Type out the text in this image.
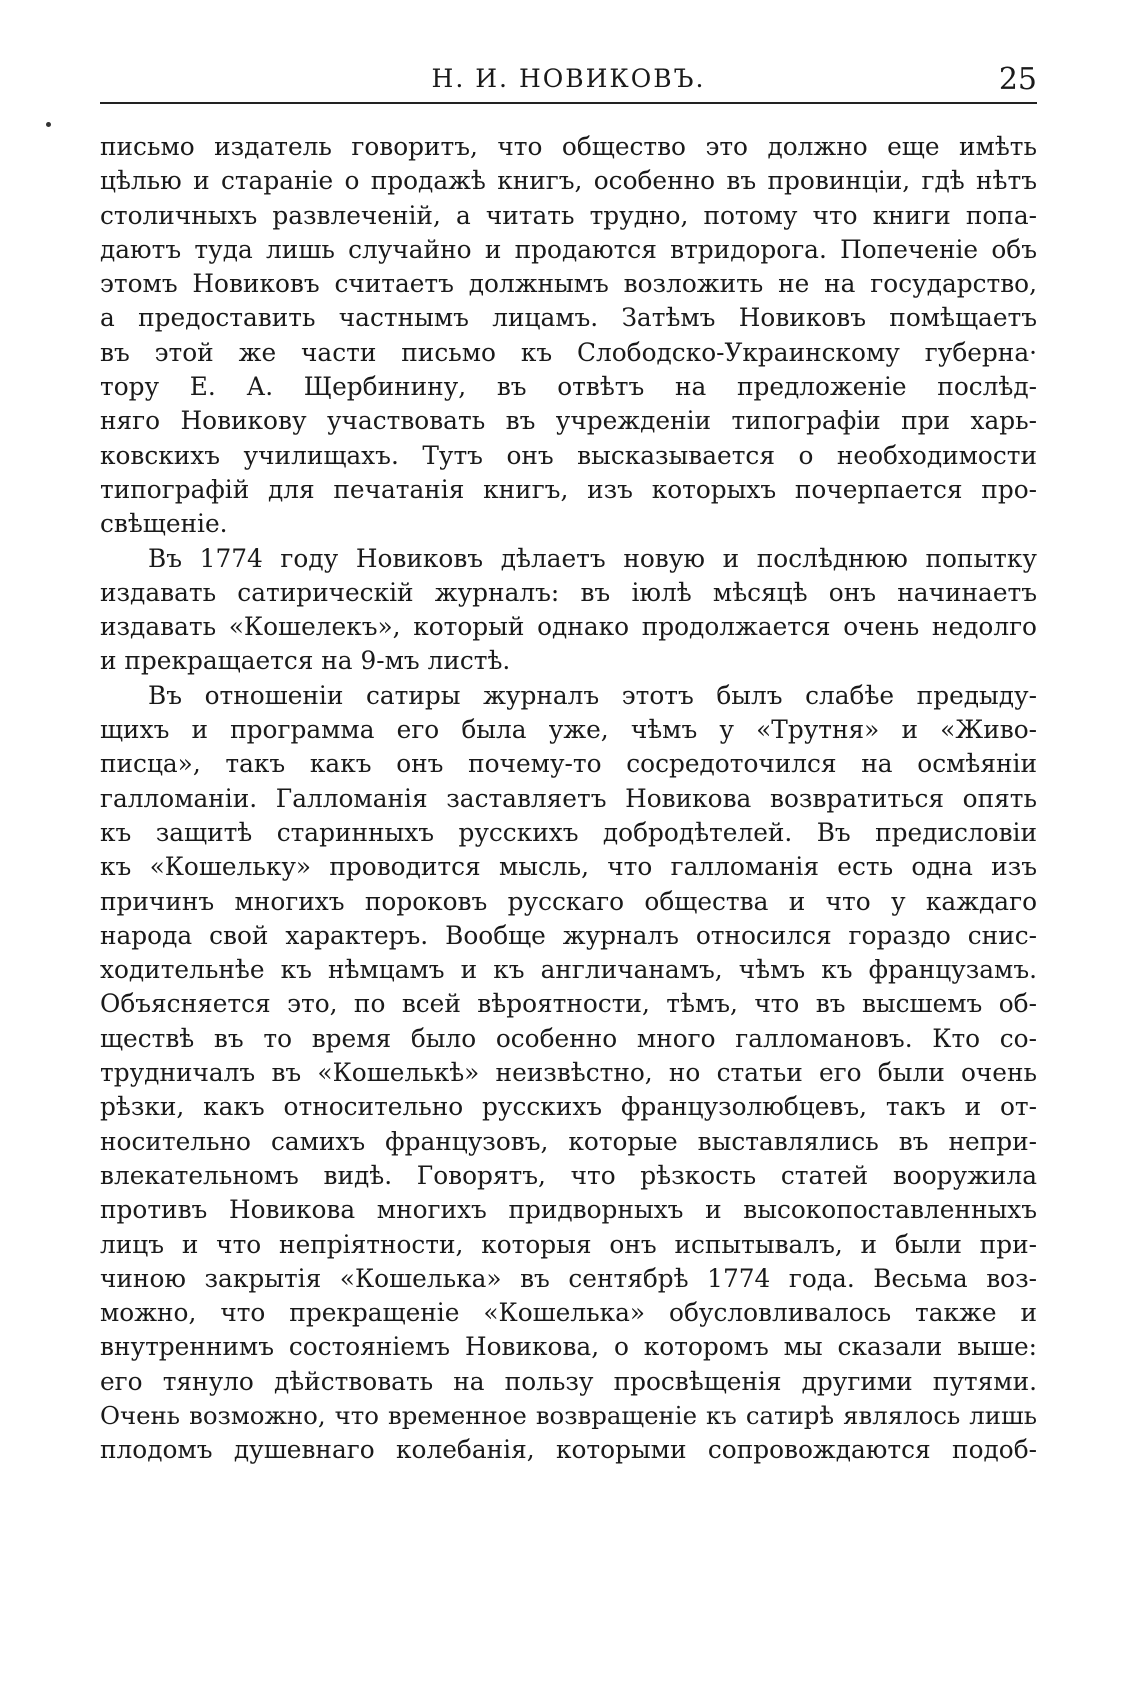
Н. И. НОВИКОВЪ.	25
письмо издатель говоритъ, что общество это должно еще имѣть
цѣлью и стараніе о продажѣ книгъ, особенно въ провинціи, гдѣ нѣтъ
столичныхъ развлеченій, а читать трудно, потому что книги попа-
даютъ туда лишь случайно и продаются втридорога. Попеченіе объ
этомъ Новиковъ считаетъ должнымъ возложить не на государство,
а предоставить частнымъ лицамъ. Затѣмъ Новиковъ помѣщаетъ
въ этой же части письмо къ Слободско-Украинскому губерна·
тору Е. А. Щербинину, въ отвѣтъ на предложеніе послѣд-
няго Новикову участвовать въ учрежденіи типографіи при харь-
ковскихъ училищахъ. Тутъ онъ высказывается о необходимости
типографій для печатанія книгъ, изъ которыхъ почерпается про-
свѣщеніе.
Въ 1774 году Новиковъ дѣлаетъ новую и послѣднюю попытку
издавать сатирическій журналъ: въ іюлѣ мѣсяцѣ онъ начинаетъ
издавать «Кошелекъ», который однако продолжается очень недолго
и прекращается на 9-мъ листѣ.
Въ отношеніи сатиры журналъ этотъ былъ слабѣе предыду-
щихъ и программа его была уже, чѣмъ у «Трутня» и «Живо-
писца», такъ какъ онъ почему-то сосредоточился на осмѣяніи
галломаніи. Галломанія заставляетъ Новикова возвратиться опять
къ защитѣ старинныхъ русскихъ добродѣтелей. Въ предисловіи
къ «Кошельку» проводится мысль, что галломанія есть одна изъ
причинъ многихъ пороковъ русскаго общества и что у каждаго
народа свой характеръ. Вообще журналъ относился гораздо снис-
ходительнѣе къ нѣмцамъ и къ англичанамъ, чѣмъ къ французамъ.
Объясняется это, по всей вѣроятности, тѣмъ, что въ высшемъ об-
ществѣ въ то время было особенно много галломановъ. Кто со-
трудничалъ въ «Кошелькѣ» неизвѣстно, но статьи его были очень
рѣзки, какъ относительно русскихъ французолюбцевъ, такъ и от-
носительно самихъ французовъ, которые выставлялись въ непри-
влекательномъ видѣ. Говорятъ, что рѣзкость статей вооружила
противъ Новикова многихъ придворныхъ и высокопоставленныхъ
лицъ и что непріятности, которыя онъ испытывалъ, и были при-
чиною закрытія «Кошелька» въ сентябрѣ 1774 года. Весьма воз-
можно, что прекращеніе «Кошелька» обусловливалось также и
внутреннимъ состояніемъ Новикова, о которомъ мы сказали выше:
его тянуло дѣйствовать на пользу просвѣщенія другими путями.
Очень возможно, что временное возвращеніе къ сатирѣ являлось лишь
плодомъ душевнаго колебанія, которыми сопровождаются подоб-
